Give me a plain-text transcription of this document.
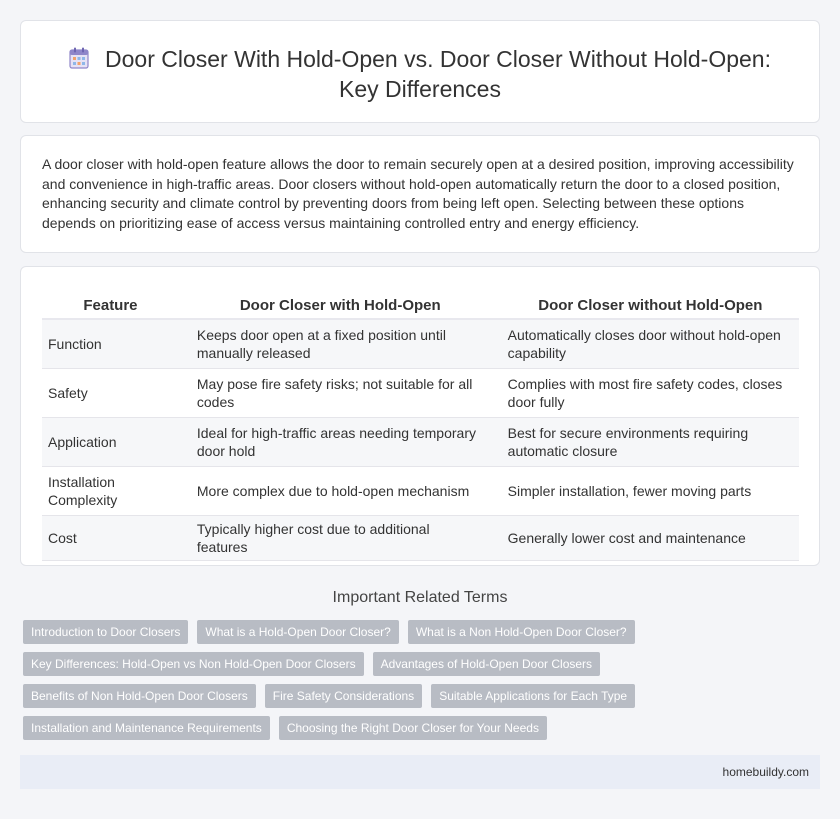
Door Closer With Hold-Open vs. Door Closer Without Hold-Open:
Key Differences

A door closer with hold-open feature allows the door to remain securely open at a desired position, improving accessibility and convenience in high-traffic areas. Door closers without hold-open automatically return the door to a closed position, enhancing security and climate control by preventing doors from being left open. Selecting between these options depends on prioritizing ease of access versus maintaining controlled entry and energy efficiency.

Feature		Door Closer with Hold-Open		Door Closer without Hold-Open
Function		Keeps door open at a fixed position until manually released		Automatically closes door without hold-open capability
Safety		May pose fire safety risks; not suitable for all codes		Complies with most fire safety codes, closes door fully
Application		Ideal for high-traffic areas needing temporary door hold		Best for secure environments requiring automatic closure
Installation Complexity		More complex due to hold-open mechanism		Simpler installation, fewer moving parts
Cost		Typically higher cost due to additional features		Generally lower cost and maintenance
Important Related Terms
Introduction to Door Closers	What is a Hold-Open Door Closer?	What is a Non Hold-Open Door Closer?
Key Differences: Hold-Open vs Non Hold-Open Door Closers	Advantages of Hold-Open Door Closers
Benefits of Non Hold-Open Door Closers	Fire Safety Considerations	Suitable Applications for Each Type
Installation and Maintenance Requirements	Choosing the Right Door Closer for Your Needs
homebuildy.com
